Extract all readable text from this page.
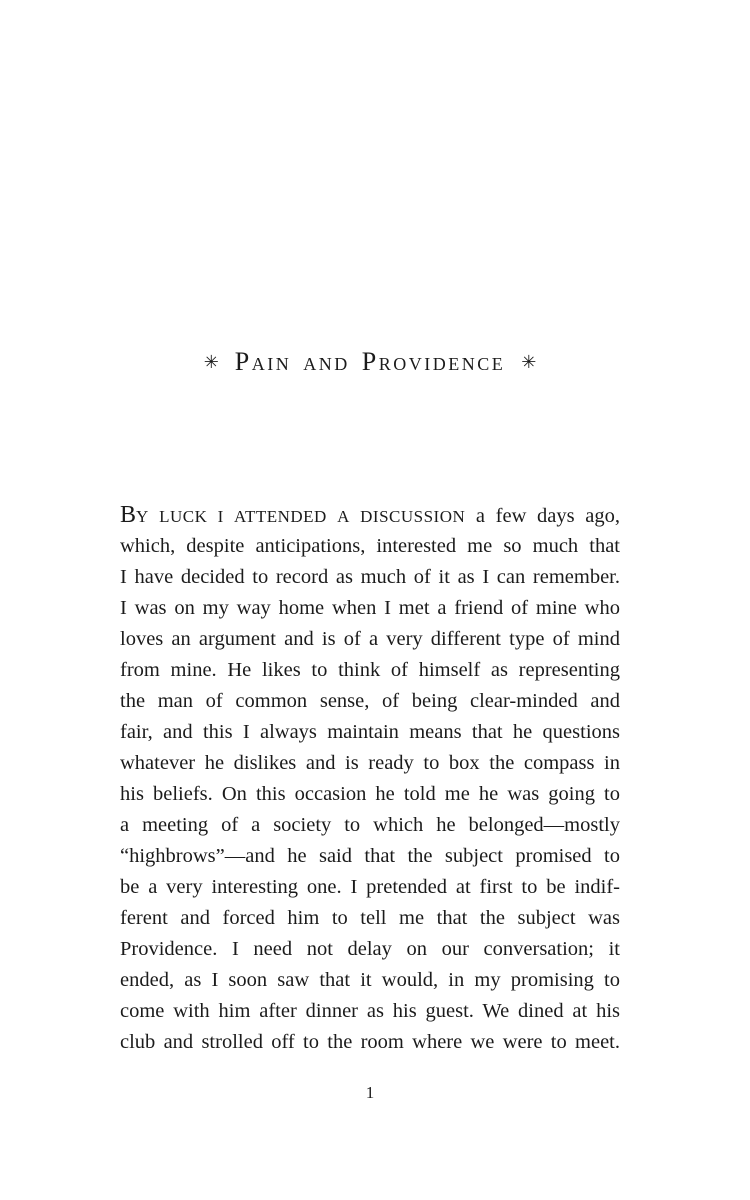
✳︎ Pain and Providence ✳︎
By luck I attended a discussion a few days ago,
which, despite anticipations, interested me so much that
I have decided to record as much of it as I can remember.
I was on my way home when I met a friend of mine who
loves an argument and is of a very different type of mind
from mine. He likes to think of himself as representing
the man of common sense, of being clear-minded and
fair, and this I always maintain means that he questions
whatever he dislikes and is ready to box the compass in
his beliefs. On this occasion he told me he was going to
a meeting of a society to which he belonged—mostly
“highbrows”—and he said that the subject promised to
be a very interesting one. I pretended at first to be indif-
ferent and forced him to tell me that the subject was
Providence. I need not delay on our conversation; it
ended, as I soon saw that it would, in my promising to
come with him after dinner as his guest. We dined at his
club and strolled off to the room where we were to meet.
1
